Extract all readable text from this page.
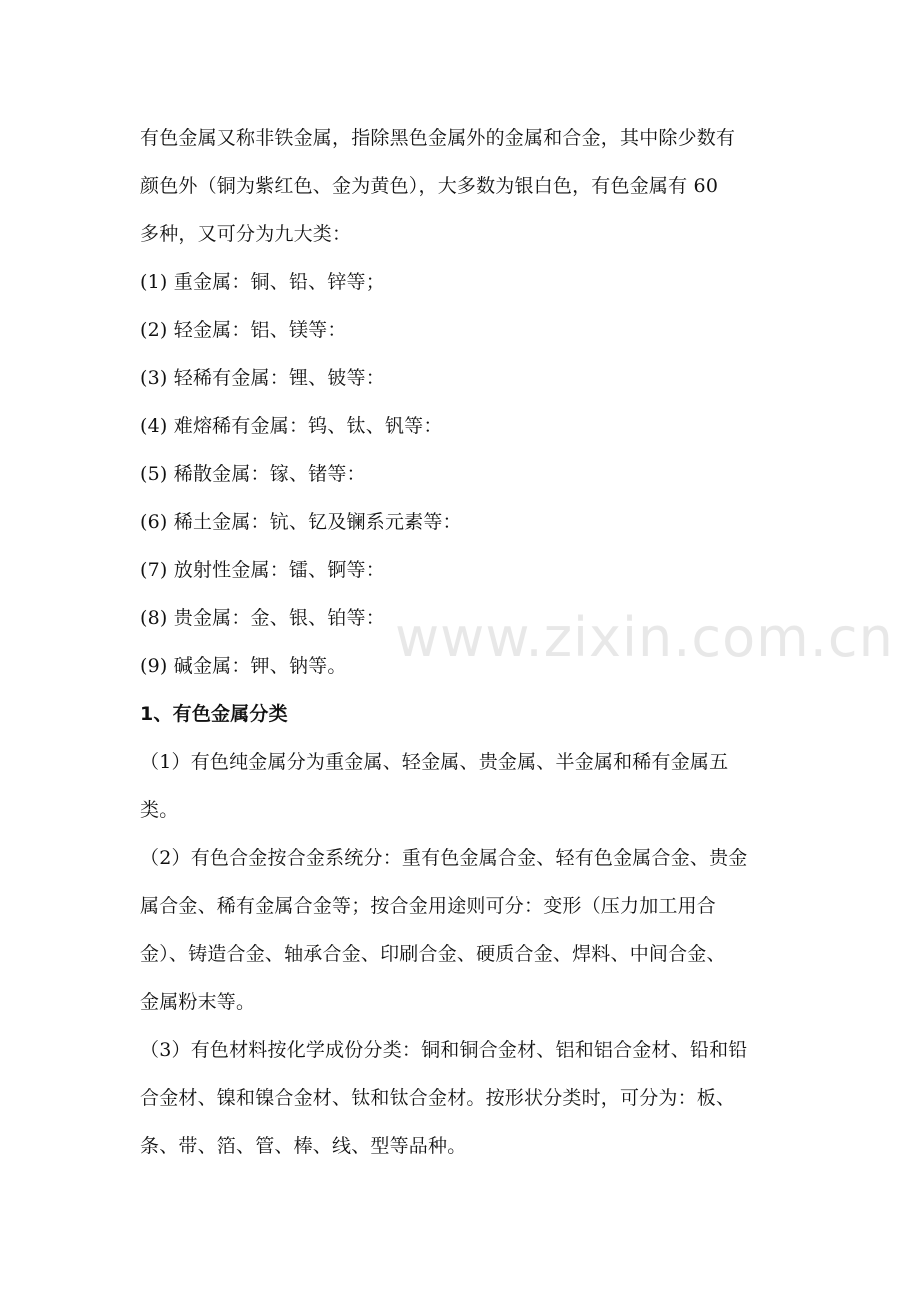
有色金属又称非铁金属，指除黑色金属外的金属和合金，其中除少数有
颜色外（铜为紫红色、金为黄色），大多数为银白色，有色金属有 60
多种，又可分为九大类：
(1) 重金属：铜、铅、锌等；
(2) 轻金属：铝、镁等：
(3) 轻稀有金属：锂、铍等：
(4) 难熔稀有金属：钨、钛、钒等：
(5) 稀散金属：镓、锗等：
(6) 稀土金属：钪、钇及镧系元素等：
(7) 放射性金属：镭、锕等：
(8) 贵金属：金、银、铂等：
(9) 碱金属：钾、钠等。
1、有色金属分类
（1）有色纯金属分为重金属、轻金属、贵金属、半金属和稀有金属五
类。
（2）有色合金按合金系统分：重有色金属合金、轻有色金属合金、贵金
属合金、稀有金属合金等；按合金用途则可分：变形（压力加工用合
金）、铸造合金、轴承合金、印刷合金、硬质合金、焊料、中间合金、
金属粉末等。
（3）有色材料按化学成份分类：铜和铜合金材、铝和铝合金材、铅和铅
合金材、镍和镍合金材、钛和钛合金材。按形状分类时，可分为：板、
条、带、箔、管、棒、线、型等品种。
www.zixin.com.cn
